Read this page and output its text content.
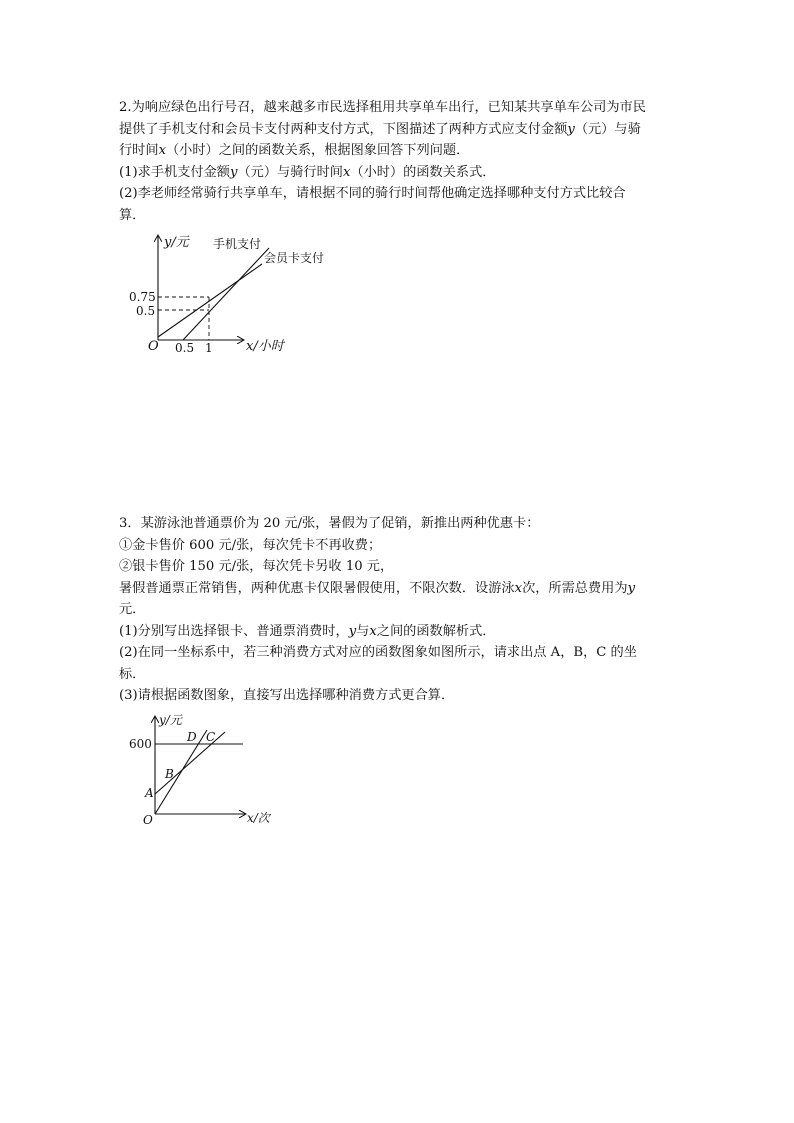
2.为响应绿色出行号召，越来越多市民选择租用共享单车出行，已知某共享单车公司为市民
提供了手机支付和会员卡支付两种支付方式，下图描述了两种方式应支付金额y（元）与骑
行时间x（小时）之间的函数关系，根据图象回答下列问题．
(1)求手机支付金额y（元）与骑行时间x（小时）的函数关系式．
(2)李老师经常骑行共享单车，请根据不同的骑行时间帮他确定选择哪种支付方式比较合
算．
y/元
x/小时
O
0.75
0.5
0.5 1
手机支付
会员卡支付
3．某游泳池普通票价为 20 元/张，暑假为了促销，新推出两种优惠卡：
①金卡售价 600 元/张，每次凭卡不再收费；
②银卡售价 150 元/张，每次凭卡另收 10 元，
暑假普通票正常销售，两种优惠卡仅限暑假使用，不限次数．设游泳x次，所需总费用为y
元．
(1)分别写出选择银卡、普通票消费时，y与x之间的函数解析式．
(2)在同一坐标系中，若三种消费方式对应的函数图象如图所示，请求出点 A，B，C 的坐
标．
(3)请根据函数图象，直接写出选择哪种消费方式更合算．
y/元
x/次
O
600
A
B
C
D
